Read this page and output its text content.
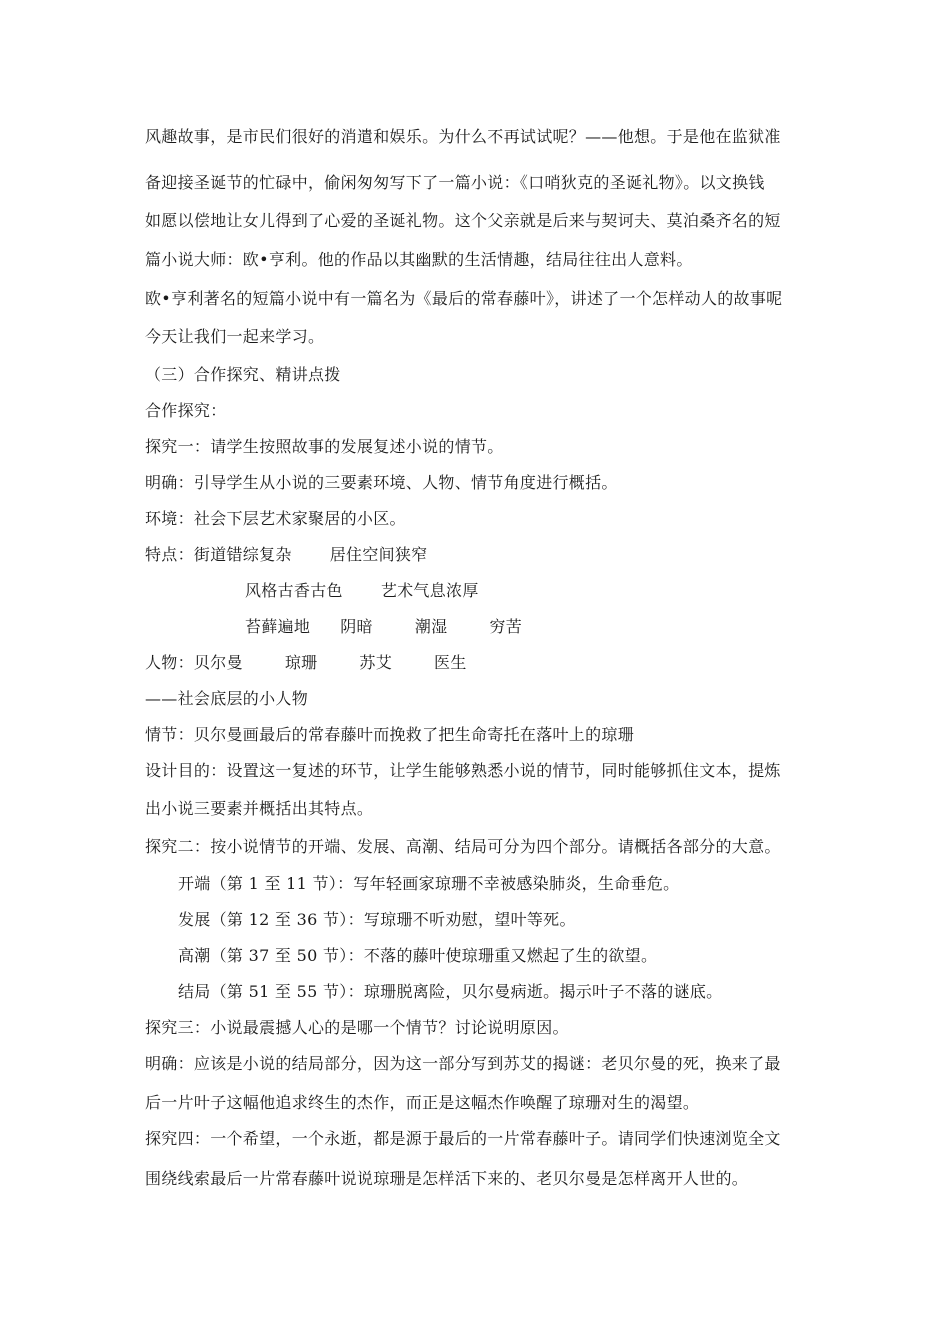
风趣故事，是市民们很好的消遣和娱乐。为什么不再试试呢？——他想。于是他在监狱准
备迎接圣诞节的忙碌中，偷闲匆匆写下了一篇小说：《口哨狄克的圣诞礼物》。以文换钱
如愿以偿地让女儿得到了心爱的圣诞礼物。这个父亲就是后来与契诃夫、莫泊桑齐名的短
篇小说大师：欧•亨利。他的作品以其幽默的生活情趣，结局往往出人意料。
欧•亨利著名的短篇小说中有一篇名为《最后的常春藤叶》，讲述了一个怎样动人的故事呢
今天让我们一起来学习。
（三）合作探究、精讲点拨
合作探究：
探究一：请学生按照故事的发展复述小说的情节。
明确：引导学生从小说的三要素环境、人物、情节角度进行概括。
环境：社会下层艺术家聚居的小区。
特点：街道错综复杂 居住空间狭窄
风格古香古色 艺术气息浓厚
苔藓遍地 阴暗	潮湿	穷苦
人物：贝尔曼	琼珊	苏艾	医生
——社会底层的小人物
情节：贝尔曼画最后的常春藤叶而挽救了把生命寄托在落叶上的琼珊
设计目的：设置这一复述的环节，让学生能够熟悉小说的情节，同时能够抓住文本，提炼
出小说三要素并概括出其特点。
探究二：按小说情节的开端、发展、高潮、结局可分为四个部分。请概括各部分的大意。
开端（第 1 至 11 节）：写年轻画家琼珊不幸被感染肺炎，生命垂危。
发展（第 12 至 36 节）：写琼珊不听劝慰，望叶等死。
高潮（第 37 至 50 节）：不落的藤叶使琼珊重又燃起了生的欲望。
结局（第 51 至 55 节）：琼珊脱离险，贝尔曼病逝。揭示叶子不落的谜底。
探究三：小说最震撼人心的是哪一个情节？讨论说明原因。
明确：应该是小说的结局部分，因为这一部分写到苏艾的揭谜：老贝尔曼的死，换来了最
后一片叶子这幅他追求终生的杰作，而正是这幅杰作唤醒了琼珊对生的渴望。
探究四：一个希望，一个永逝，都是源于最后的一片常春藤叶子。请同学们快速浏览全文
围绕线索最后一片常春藤叶说说琼珊是怎样活下来的、老贝尔曼是怎样离开人世的。
